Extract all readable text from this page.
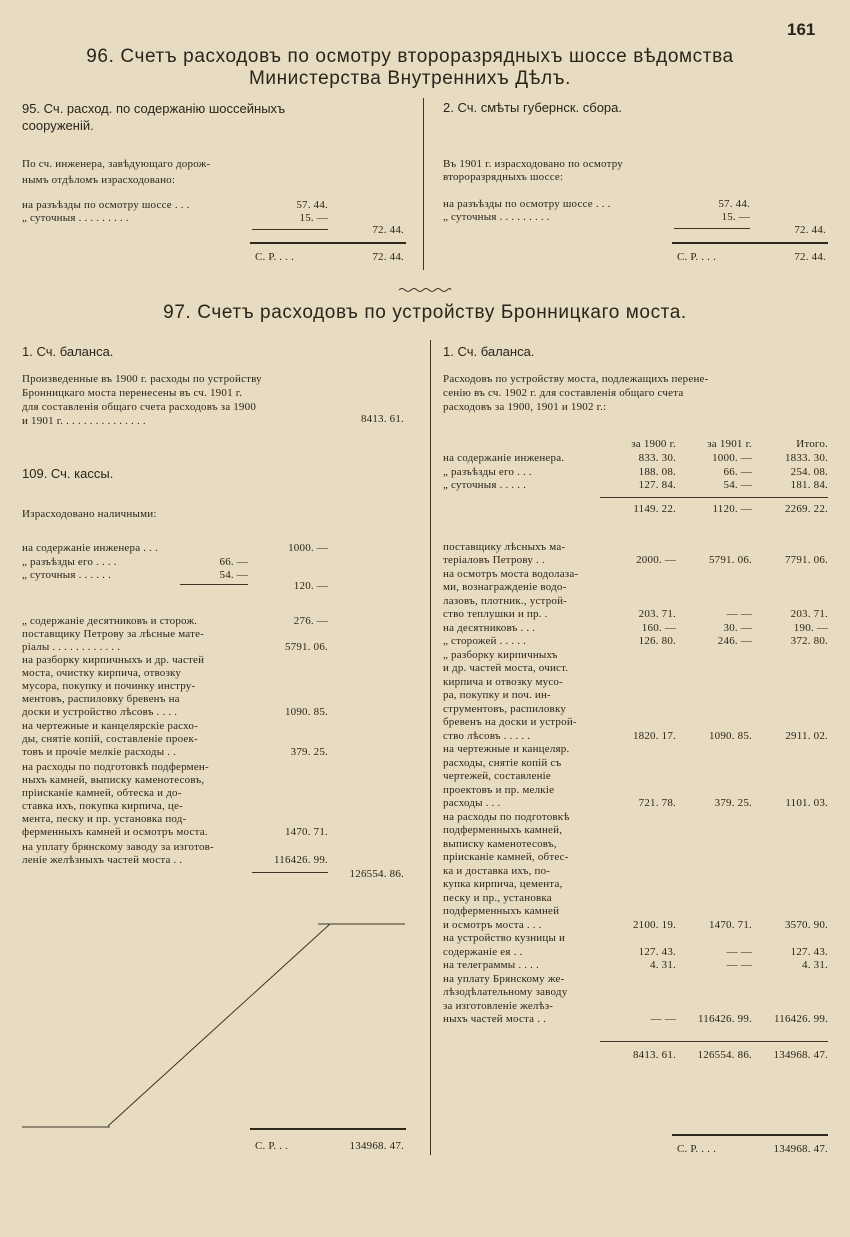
161
96. Счетъ расходовъ по осмотру второразрядныхъ шоссе вѣдомства Министерства Внутреннихъ Дѣлъ.
95. Сч. расход. по содержанiю шоссейныхъ сооруженiй.
По сч. инженера, завѣдующаго дорож-
нымъ отдѣломъ израсходовано:
на разъѣзды по осмотру шоссе . . .	57. 44.
„ суточныя . . . . . . . . .	15. —
72. 44.
С. Р. . . .	72. 44.
2. Сч. смѣты губернск. сбора.
Въ 1901 г. израсходовано по осмотру
второразрядныхъ шоссе:
на разъѣзды по осмотру шоссе . . .	57. 44.
„ суточныя . . . . . . . . .	15. —
72. 44.
С. Р. . . .	72. 44.
97. Счетъ расходовъ по устройству Бронницкаго моста.
1. Сч. баланса.
Произведенные въ 1900 г. расходы по устройству
Бронницкаго моста перенесены въ сч. 1901 г.
для составленiя общаго счета расходовъ за 1900
и 1901 г. . . . . . . . . . . . . . .	8413. 61.
109. Сч. кассы.
Израсходовано наличными:
на содержанiе инженера . . .	1000. —
„ разъѣзды его . . . .	66. —
„ суточныя . . . . . .	54. —
120. —
„ содержанiе десятниковъ и сторож.	276. —
поставщику Петрову за лѣсные мате-
рiалы . . . . . . . . . . . .	5791. 06.
на разборку кирпичныхъ и др. частей
моста, очистку кирпича, отвозку
мусора, покупку и починку инстру-
ментовъ, распиловку бревенъ на
доски и устройство лѣсовъ . . . .	1090. 85.
на чертежные и канцелярскiе расхо-
ды, снятiе копiй, составленiе проек-
товъ и прочiе мелкiе расходы . .	379. 25.
на расходы по подготовкѣ подфермен-
ныхъ камней, выписку каменотесовъ,
прiисканiе камней, обтеска и до-
ставка ихъ, покупка кирпича, це-
мента, песку и пр. установка под-
ферменныхъ камней и осмотръ моста.	1470. 71.
на уплату брянскому заводу за изготов-
ленiе желѣзныхъ частей моста . .	116426. 99.
126554. 86.
С. Р. . .	134968. 47.
1. Сч. баланса.
Расходовъ по устройству моста, подлежащихъ перене-
сенiю въ сч. 1902 г. для составленiя общаго счета
расходовъ за 1900, 1901 и 1902 г.:
за 1900 г.	за 1901 г.	Итого.
на содержанiе инженера.	833. 30.	1000. —	1833. 30.
„ разъѣзды его . . .	188. 08.	66. —	254. 08.
„ суточныя . . . . .	127. 84.	54. —	181. 84.
1149. 22.	1120. —	2269. 22.
поставщику лѣсныхъ ма-
терiаловъ Петрову . .	2000. —	5791. 06.	7791. 06.
на осмотръ моста водолаза-
ми, вознагражденiе водо-
лазовъ, плотник., устрой-
ство теплушки и пр. .	203. 71.	— —	203. 71.
на десятниковъ . . .	160. —	30. —	190. —
„ сторожей . . . . .	126. 80.	246. —	372. 80.
„ разборку кирпичныхъ
и др. частей моста, очист.
кирпича и отвозку мусо-
ра, покупку и поч. ин-
струментовъ, распиловку
бревенъ на доски и устрой-
ство лѣсовъ . . . . .	1820. 17.	1090. 85.	2911. 02.
на чертежные и канцеляр.
расходы, снятiе копiй съ
чертежей, составленiе
проектовъ и пр. мелкiе
расходы . . .	721. 78.	379. 25.	1101. 03.
на расходы по подготовкѣ
подферменныхъ камней,
выписку каменотесовъ,
прiисканiе камней, обтес-
ка и доставка ихъ, по-
купка кирпича, цемента,
песку и пр., установка
подферменныхъ камней
и осмотръ моста . . .	2100. 19.	1470. 71.	3570. 90.
на устройство кузницы и
содержанiе ея . .	127. 43.	— —	127. 43.
на телеграммы . . . .	4. 31.	— —	4. 31.
на уплату Брянскому же-
лѣзодѣлательному заводу
за изготовленiе желѣз-
ныхъ частей моста . .	— —	116426. 99.	116426. 99.
8413. 61.	126554. 86.	134968. 47.
С. Р. . . .	134968. 47.
